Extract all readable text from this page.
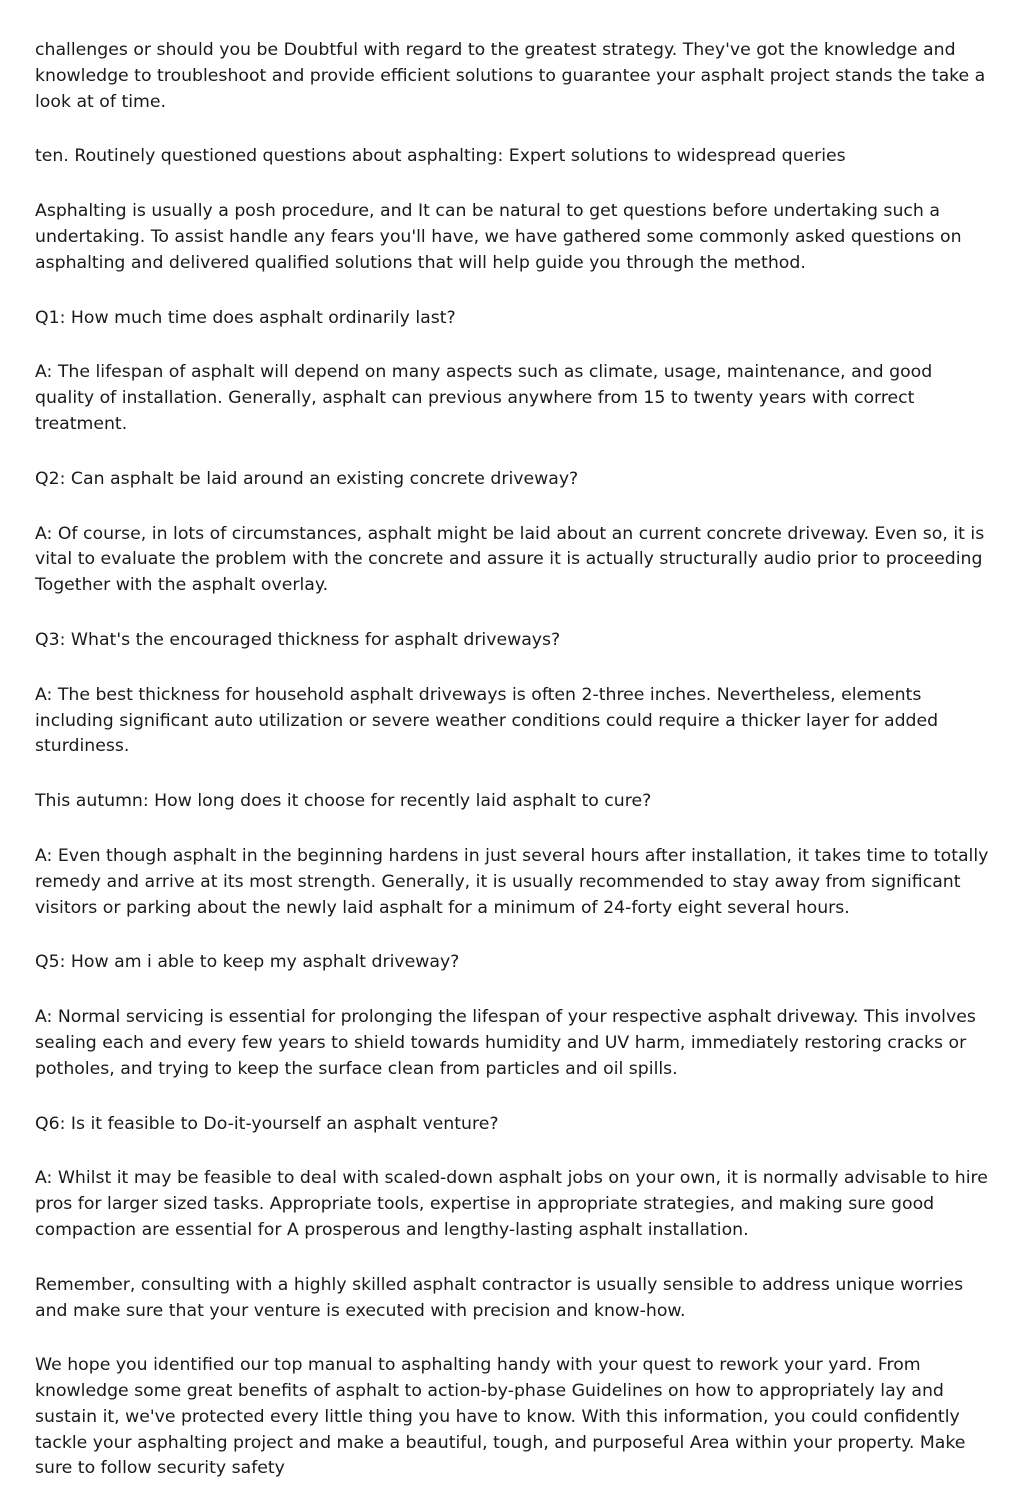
challenges or should you be Doubtful with regard to the greatest strategy. They've got the knowledge and knowledge to troubleshoot and provide efficient solutions to guarantee your asphalt project stands the take a look at of time.

ten. Routinely questioned questions about asphalting: Expert solutions to widespread queries

Asphalting is usually a posh procedure, and It can be natural to get questions before undertaking such a undertaking. To assist handle any fears you'll have, we have gathered some commonly asked questions on asphalting and delivered qualified solutions that will help guide you through the method.

Q1: How much time does asphalt ordinarily last?

A: The lifespan of asphalt will depend on many aspects such as climate, usage, maintenance, and good quality of installation. Generally, asphalt can previous anywhere from 15 to twenty years with correct treatment.

Q2: Can asphalt be laid around an existing concrete driveway?

A: Of course, in lots of circumstances, asphalt might be laid about an current concrete driveway. Even so, it is vital to evaluate the problem with the concrete and assure it is actually structurally audio prior to proceeding Together with the asphalt overlay.

Q3: What's the encouraged thickness for asphalt driveways?

A: The best thickness for household asphalt driveways is often 2-three inches. Nevertheless, elements including significant auto utilization or severe weather conditions could require a thicker layer for added sturdiness.

This autumn: How long does it choose for recently laid asphalt to cure?

A: Even though asphalt in the beginning hardens in just several hours after installation, it takes time to totally remedy and arrive at its most strength. Generally, it is usually recommended to stay away from significant visitors or parking about the newly laid asphalt for a minimum of 24-forty eight several hours.

Q5: How am i able to keep my asphalt driveway?

A: Normal servicing is essential for prolonging the lifespan of your respective asphalt driveway. This involves sealing each and every few years to shield towards humidity and UV harm, immediately restoring cracks or potholes, and trying to keep the surface clean from particles and oil spills.

Q6: Is it feasible to Do-it-yourself an asphalt venture?

A: Whilst it may be feasible to deal with scaled-down asphalt jobs on your own, it is normally advisable to hire pros for larger sized tasks. Appropriate tools, expertise in appropriate strategies, and making sure good compaction are essential for A prosperous and lengthy-lasting asphalt installation.

Remember, consulting with a highly skilled asphalt contractor is usually sensible to address unique worries and make sure that your venture is executed with precision and know-how.

We hope you identified our top manual to asphalting handy with your quest to rework your yard. From knowledge some great benefits of asphalt to action-by-phase Guidelines on how to appropriately lay and sustain it, we've protected every little thing you have to know. With this information, you could confidently tackle your asphalting project and make a beautiful, tough, and purposeful Area within your property. Make sure to follow security safety
